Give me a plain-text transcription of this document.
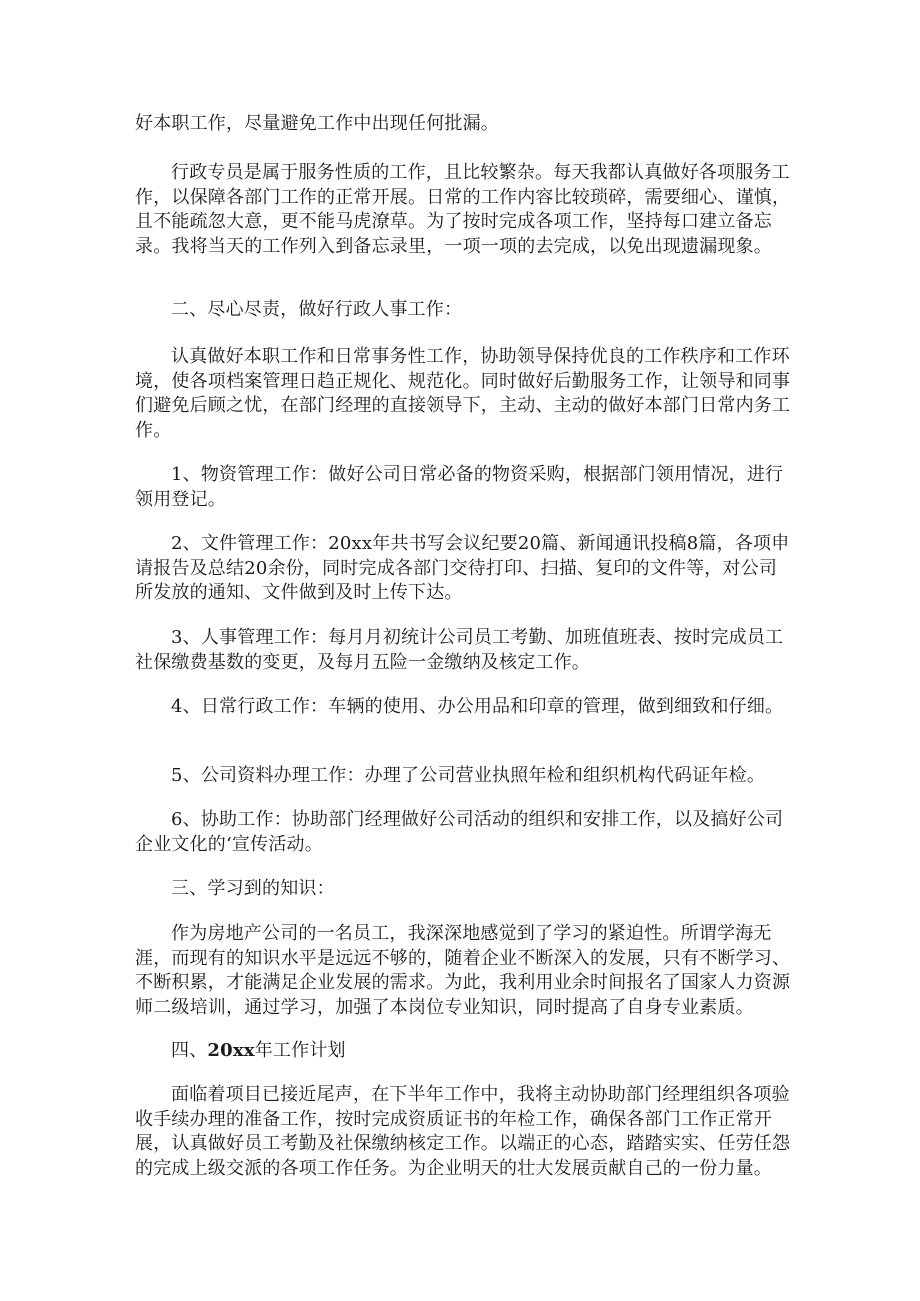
好本职工作，尽量避免工作中出现任何批漏。

行政专员是属于服务性质的工作，且比较繁杂。每天我都认真做好各项服务工作，以保障各部门工作的正常开展。日常的工作内容比较琐碎，需要细心、谨慎，且不能疏忽大意，更不能马虎潦草。为了按时完成各项工作，坚持每口建立备忘录。我将当天的工作列入到备忘录里，一项一项的去完成，以免出现遗漏现象。

二、尽心尽责，做好行政人事工作：

认真做好本职工作和日常事务性工作，协助领导保持优良的工作秩序和工作环境，使各项档案管理日趋正规化、规范化。同时做好后勤服务工作，让领导和同事们避免后顾之忧，在部门经理的直接领导下，主动、主动的做好本部门日常内务工作。

1、物资管理工作：做好公司日常必备的物资采购，根据部门领用情况，进行领用登记。

2、文件管理工作：20xx年共书写会议纪要20篇、新闻通讯投稿8篇，各项申请报告及总结20余份，同时完成各部门交待打印、扫描、复印的文件等，对公司所发放的通知、文件做到及时上传下达。

3、人事管理工作：每月月初统计公司员工考勤、加班值班表、按时完成员工社保缴费基数的变更，及每月五险一金缴纳及核定工作。

4、日常行政工作：车辆的使用、办公用品和印章的管理，做到细致和仔细。

5、公司资料办理工作：办理了公司营业执照年检和组织机构代码证年检。

6、协助工作：协助部门经理做好公司活动的组织和安排工作，以及搞好公司企业文化的‘宣传活动。

三、学习到的知识：

作为房地产公司的一名员工，我深深地感觉到了学习的紧迫性。所谓学海无涯，而现有的知识水平是远远不够的，随着企业不断深入的发展，只有不断学习、不断积累，才能满足企业发展的需求。为此，我利用业余时间报名了国家人力资源师二级培训，通过学习，加强了本岗位专业知识，同时提高了自身专业素质。

四、20xx年工作计划

面临着项目已接近尾声，在下半年工作中，我将主动协助部门经理组织各项验收手续办理的准备工作，按时完成资质证书的年检工作，确保各部门工作正常开展，认真做好员工考勤及社保缴纳核定工作。以端正的心态，踏踏实实、任劳任怨的完成上级交派的各项工作任务。为企业明天的壮大发展贡献自己的一份力量。
